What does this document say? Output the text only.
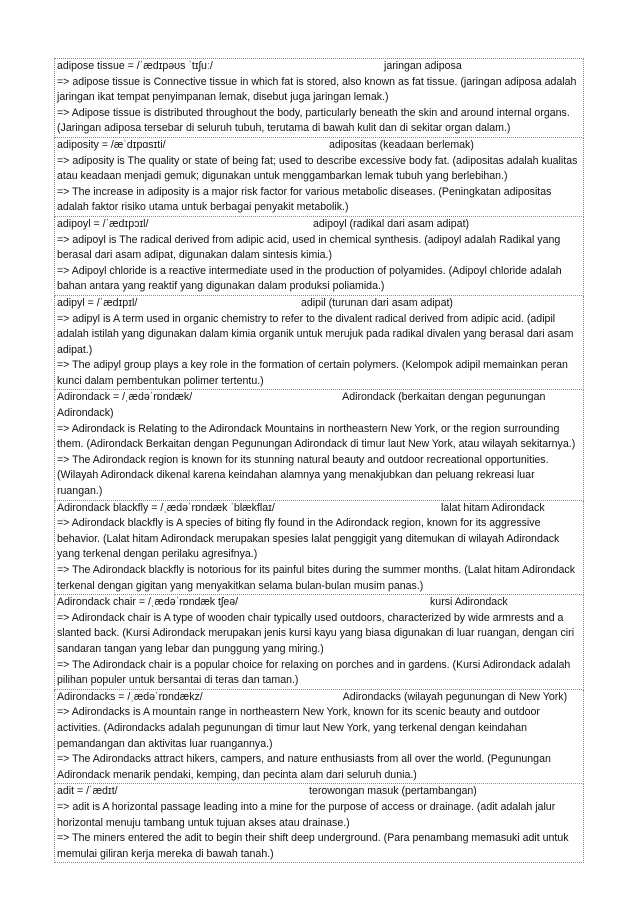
adipose tissue = /ˈædɪpəʊs ˈtɪʃuː/	jaringan adiposa
=> adipose tissue is Connective tissue in which fat is stored, also known as fat tissue. (jaringan adiposa adalah jaringan ikat tempat penyimpanan lemak, disebut juga jaringan lemak.)
=> Adipose tissue is distributed throughout the body, particularly beneath the skin and around internal organs. (Jaringan adiposa tersebar di seluruh tubuh, terutama di bawah kulit dan di sekitar organ dalam.)
adiposity = /æˈdɪpɑsɪti/	adipositas (keadaan berlemak)
=> adiposity is The quality or state of being fat; used to describe excessive body fat. (adipositas adalah kualitas atau keadaan menjadi gemuk; digunakan untuk menggambarkan lemak tubuh yang berlebihan.)
=> The increase in adiposity is a major risk factor for various metabolic diseases. (Peningkatan adipositas adalah faktor risiko utama untuk berbagai penyakit metabolik.)
adipoyl = /ˈædɪpɔɪl/	adipoyl (radikal dari asam adipat)
=> adipoyl is The radical derived from adipic acid, used in chemical synthesis. (adipoyl adalah Radikal yang berasal dari asam adipat, digunakan dalam sintesis kimia.)
=> Adipoyl chloride is a reactive intermediate used in the production of polyamides. (Adipoyl chloride adalah bahan antara yang reaktif yang digunakan dalam produksi poliamida.)
adipyl = /ˈædɪpɪl/	adipil (turunan dari asam adipat)
=> adipyl is A term used in organic chemistry to refer to the divalent radical derived from adipic acid. (adipil adalah istilah yang digunakan dalam kimia organik untuk merujuk pada radikal divalen yang berasal dari asam adipat.)
=> The adipyl group plays a key role in the formation of certain polymers. (Kelompok adipil memainkan peran kunci dalam pembentukan polimer tertentu.)
Adirondack = /ˌædəˈrɒndæk/	Adirondack (berkaitan dengan pegunungan Adirondack)
=> Adirondack is Relating to the Adirondack Mountains in northeastern New York, or the region surrounding them. (Adirondack Berkaitan dengan Pegunungan Adirondack di timur laut New York, atau wilayah sekitarnya.)
=> The Adirondack region is known for its stunning natural beauty and outdoor recreational opportunities. (Wilayah Adirondack dikenal karena keindahan alamnya yang menakjubkan dan peluang rekreasi luar ruangan.)
Adirondack blackfly = /ˌædəˈrɒndæk ˈblækflaɪ/	lalat hitam Adirondack
=> Adirondack blackfly is A species of biting fly found in the Adirondack region, known for its aggressive behavior. (Lalat hitam Adirondack merupakan spesies lalat penggigit yang ditemukan di wilayah Adirondack yang terkenal dengan perilaku agresifnya.)
=> The Adirondack blackfly is notorious for its painful bites during the summer months. (Lalat hitam Adirondack terkenal dengan gigitan yang menyakitkan selama bulan-bulan musim panas.)
Adirondack chair = /ˌædəˈrɒndæk tʃeə/	kursi Adirondack
=> Adirondack chair is A type of wooden chair typically used outdoors, characterized by wide armrests and a slanted back. (Kursi Adirondack merupakan jenis kursi kayu yang biasa digunakan di luar ruangan, dengan ciri sandaran tangan yang lebar dan punggung yang miring.)
=> The Adirondack chair is a popular choice for relaxing on porches and in gardens. (Kursi Adirondack adalah pilihan populer untuk bersantai di teras dan taman.)
Adirondacks = /ˌædəˈrɒndækz/	Adirondacks (wilayah pegunungan di New York)
=> Adirondacks is A mountain range in northeastern New York, known for its scenic beauty and outdoor activities. (Adirondacks adalah pegunungan di timur laut New York, yang terkenal dengan keindahan pemandangan dan aktivitas luar ruangannya.)
=> The Adirondacks attract hikers, campers, and nature enthusiasts from all over the world. (Pegunungan Adirondack menarik pendaki, kemping, dan pecinta alam dari seluruh dunia.)
adit = /ˈædɪt/	terowongan masuk (pertambangan)
=> adit is A horizontal passage leading into a mine for the purpose of access or drainage. (adit adalah jalur horizontal menuju tambang untuk tujuan akses atau drainase.)
=> The miners entered the adit to begin their shift deep underground. (Para penambang memasuki adit untuk memulai giliran kerja mereka di bawah tanah.)
